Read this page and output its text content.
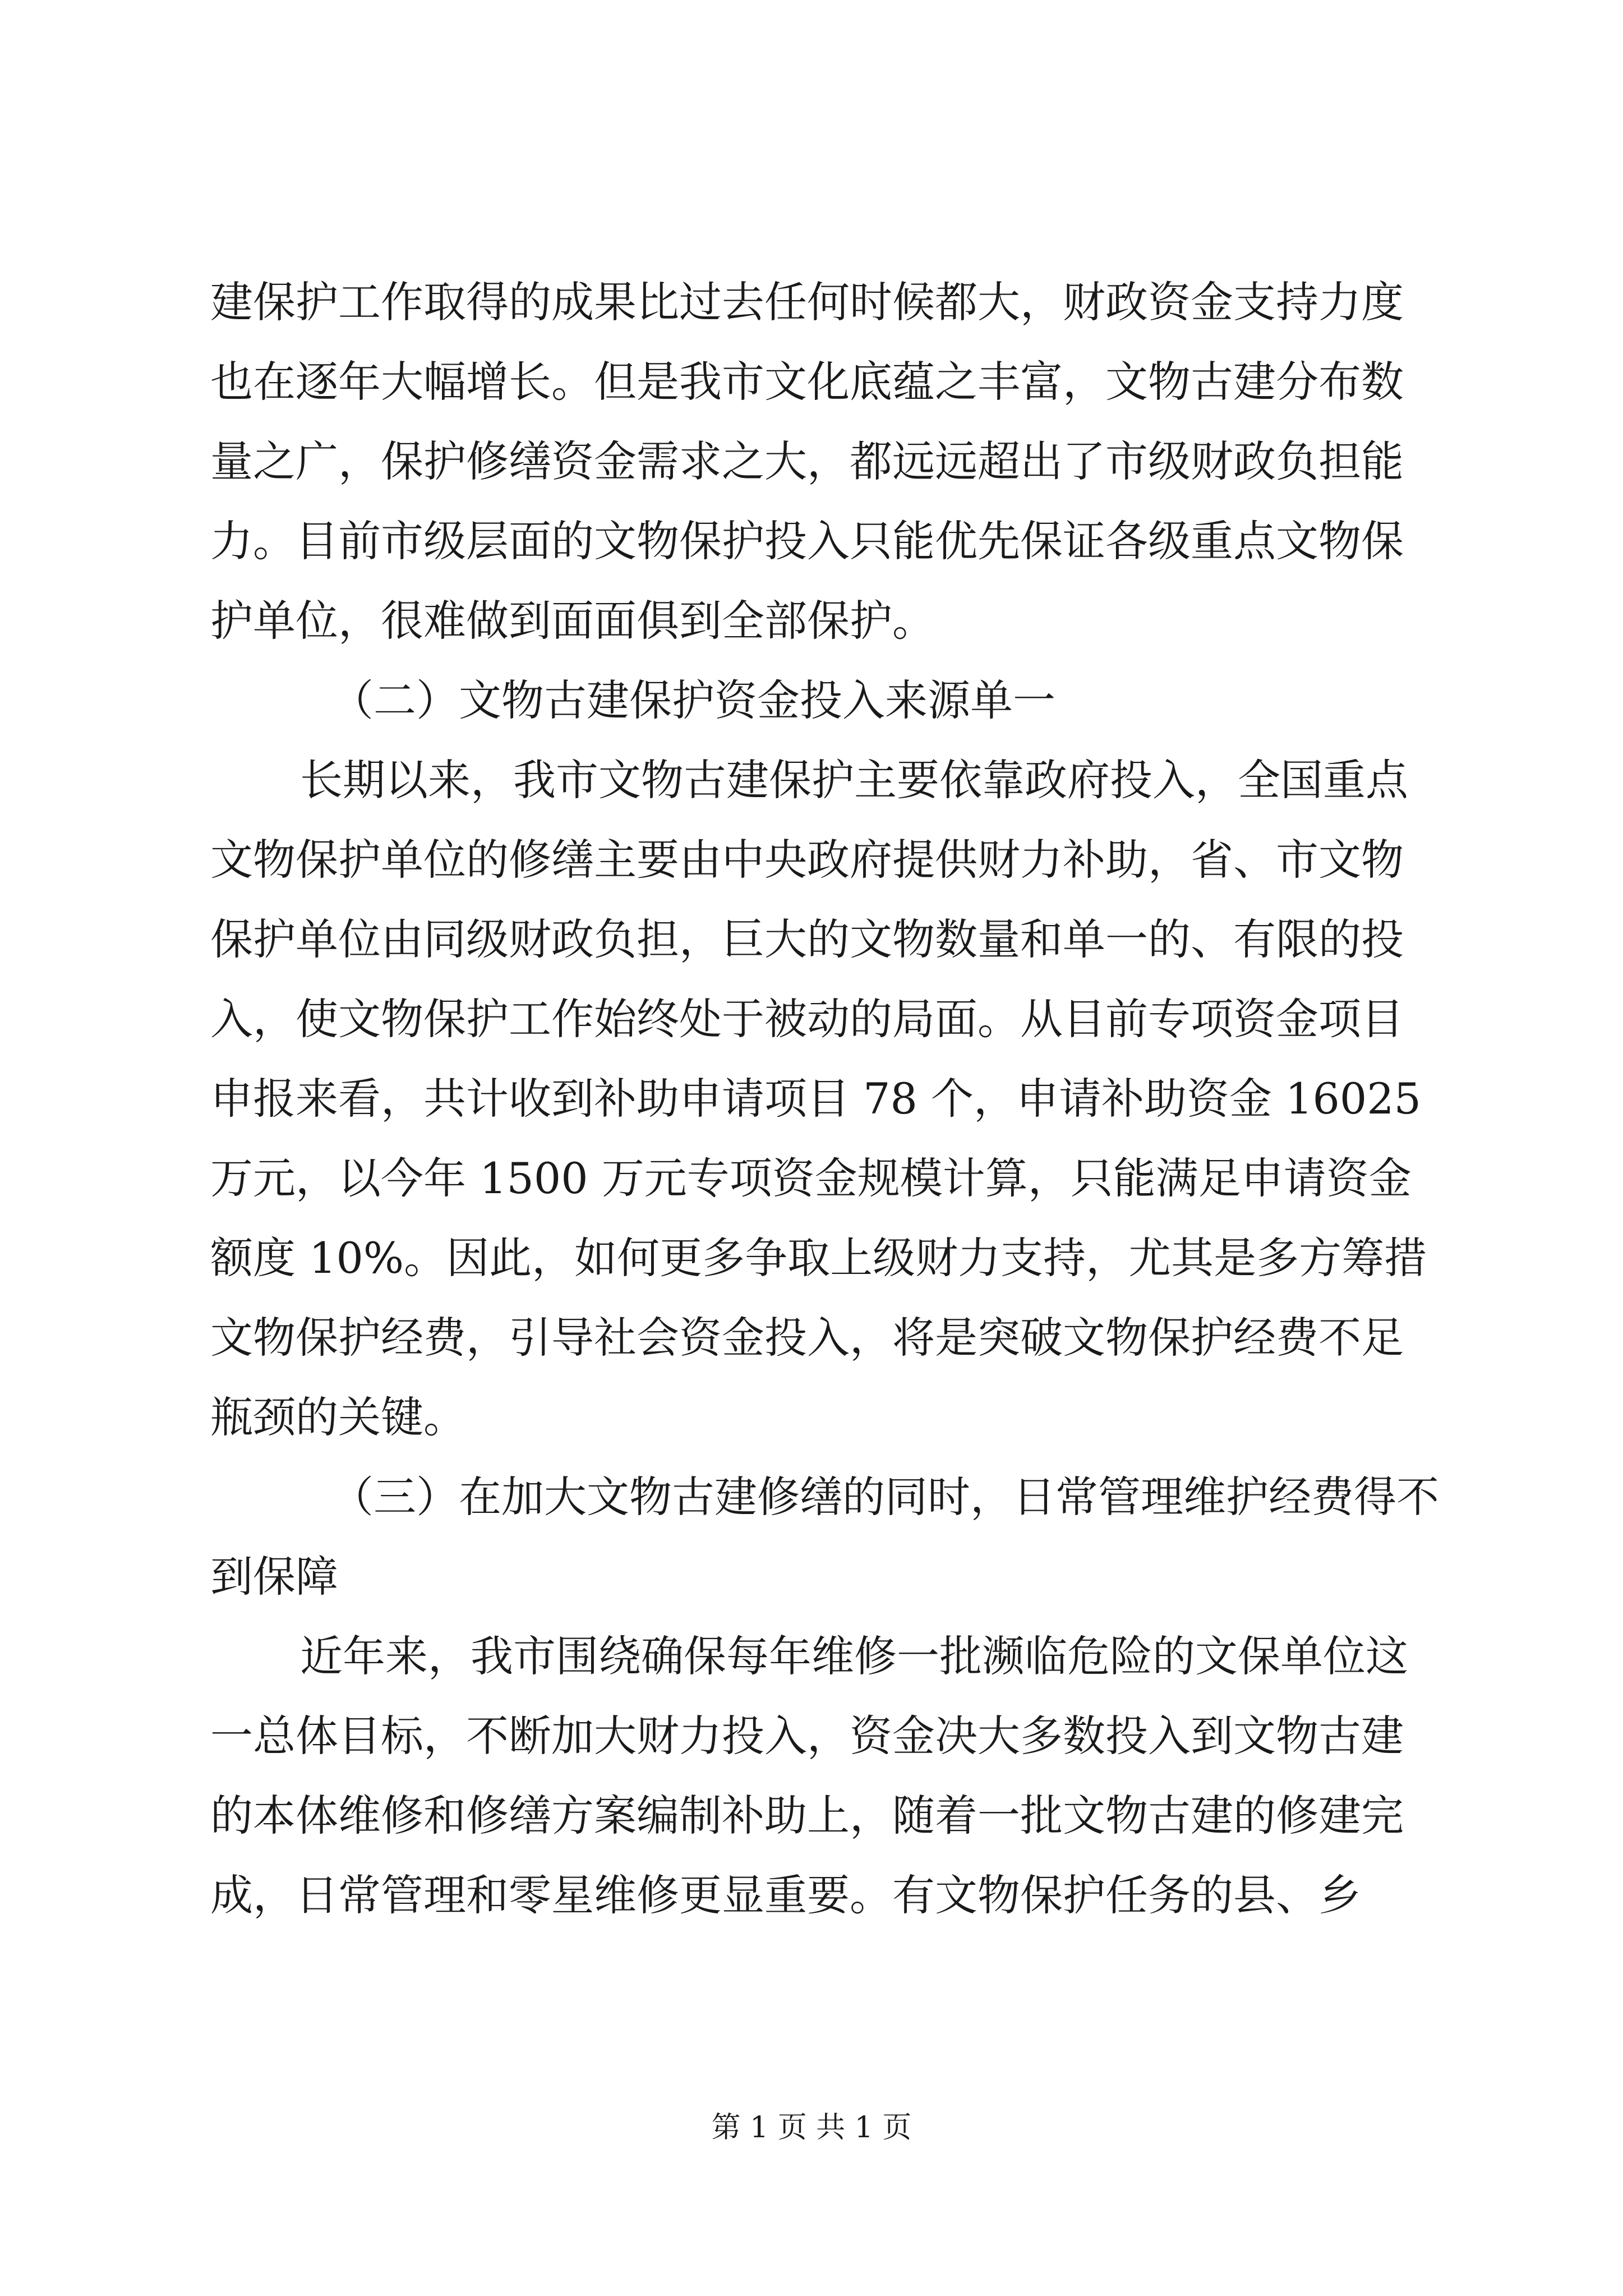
建保护工作取得的成果比过去任何时候都大，财政资金支持力度
也在逐年大幅增长。但是我市文化底蕴之丰富，文物古建分布数
量之广，保护修缮资金需求之大，都远远超出了市级财政负担能
力。目前市级层面的文物保护投入只能优先保证各级重点文物保
护单位，很难做到面面俱到全部保护。
（二）文物古建保护资金投入来源单一
长期以来，我市文物古建保护主要依靠政府投入，全国重点
文物保护单位的修缮主要由中央政府提供财力补助，省、市文物
保护单位由同级财政负担，巨大的文物数量和单一的、有限的投
入，使文物保护工作始终处于被动的局面。从目前专项资金项目
申报来看，共计收到补助申请项目 78 个，申请补助资金 16025
万元，以今年 1500 万元专项资金规模计算，只能满足申请资金
额度 10%。因此，如何更多争取上级财力支持，尤其是多方筹措
文物保护经费，引导社会资金投入，将是突破文物保护经费不足
瓶颈的关键。
（三）在加大文物古建修缮的同时，日常管理维护经费得不
到保障
近年来，我市围绕确保每年维修一批濒临危险的文保单位这
一总体目标，不断加大财力投入，资金决大多数投入到文物古建
的本体维修和修缮方案编制补助上，随着一批文物古建的修建完
成，日常管理和零星维修更显重要。有文物保护任务的县、乡
第 1 页 共 1 页
